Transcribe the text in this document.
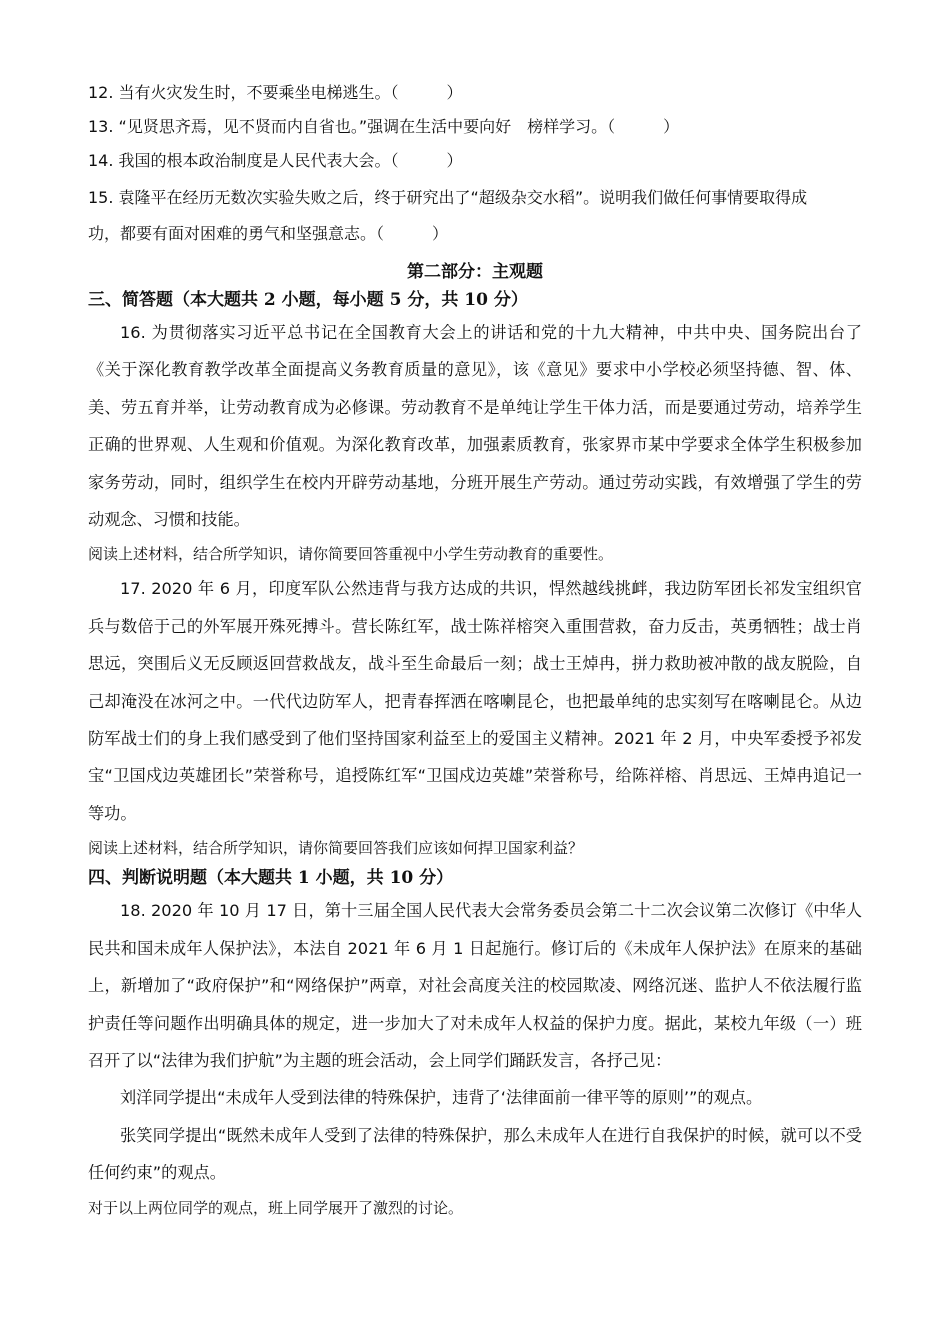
12. 当有火灾发生时，不要乘坐电梯逃生。（　　　）
13. “见贤思齐焉，见不贤而内自省也。”强调在生活中要向好　榜样学习。（　　　）
14. 我国的根本政治制度是人民代表大会。（　　　）
15. 袁隆平在经历无数次实验失败之后，终于研究出了“超级杂交水稻”。说明我们做任何事情要取得成
功，都要有面对困难的勇气和坚强意志。（　　　）
第二部分：主观题
三、简答题（本大题共 2 小题，每小题 5 分，共 10 分）

16. 为贯彻落实习近平总书记在全国教育大会上的讲话和党的十九大精神，中共中央、国务院出台了《关于深化教育教学改革全面提高义务教育质量的意见》，该《意见》要求中小学校必须坚持德、智、体、美、劳五育并举，让劳动教育成为必修课。劳动教育不是单纯让学生干体力活，而是要通过劳动，培养学生正确的世界观、人生观和价值观。为深化教育改革，加强素质教育，张家界市某中学要求全体学生积极参加家务劳动，同时，组织学生在校内开辟劳动基地，分班开展生产劳动。通过劳动实践，有效增强了学生的劳动观念、习惯和技能。

阅读上述材料，结合所学知识，请你简要回答重视中小学生劳动教育的重要性。

17. 2020 年 6 月，印度军队公然违背与我方达成的共识，悍然越线挑衅，我边防军团长祁发宝组织官兵与数倍于己的外军展开殊死搏斗。营长陈红军，战士陈祥榕突入重围营救，奋力反击，英勇牺牲；战士肖思远，突围后义无反顾返回营救战友，战斗至生命最后一刻；战士王焯冉，拼力救助被冲散的战友脱险，自己却淹没在冰河之中。一代代边防军人，把青春挥洒在喀喇昆仑，也把最单纯的忠实刻写在喀喇昆仑。从边防军战士们的身上我们感受到了他们坚持国家利益至上的爱国主义精神。2021 年 2 月，中央军委授予祁发宝“卫国戍边英雄团长”荣誉称号，追授陈红军“卫国戍边英雄”荣誉称号，给陈祥榕、肖思远、王焯冉追记一等功。

阅读上述材料，结合所学知识，请你简要回答我们应该如何捍卫国家利益？
四、判断说明题（本大题共 1 小题，共 10 分）

18. 2020 年 10 月 17 日，第十三届全国人民代表大会常务委员会第二十二次会议第二次修订《中华人民共和国未成年人保护法》，本法自 2021 年 6 月 1 日起施行。修订后的《未成年人保护法》在原来的基础上，新增加了“政府保护”和“网络保护”两章，对社会高度关注的校园欺凌、网络沉迷、监护人不依法履行监护责任等问题作出明确具体的规定，进一步加大了对未成年人权益的保护力度。据此，某校九年级（一）班召开了以“法律为我们护航”为主题的班会活动，会上同学们踊跃发言，各抒己见：

刘洋同学提出“未成年人受到法律的特殊保护，违背了‘法律面前一律平等的原则’”的观点。

张笑同学提出“既然未成年人受到了法律的特殊保护，那么未成年人在进行自我保护的时候，就可以不受任何约束”的观点。

对于以上两位同学的观点，班上同学展开了激烈的讨论。
